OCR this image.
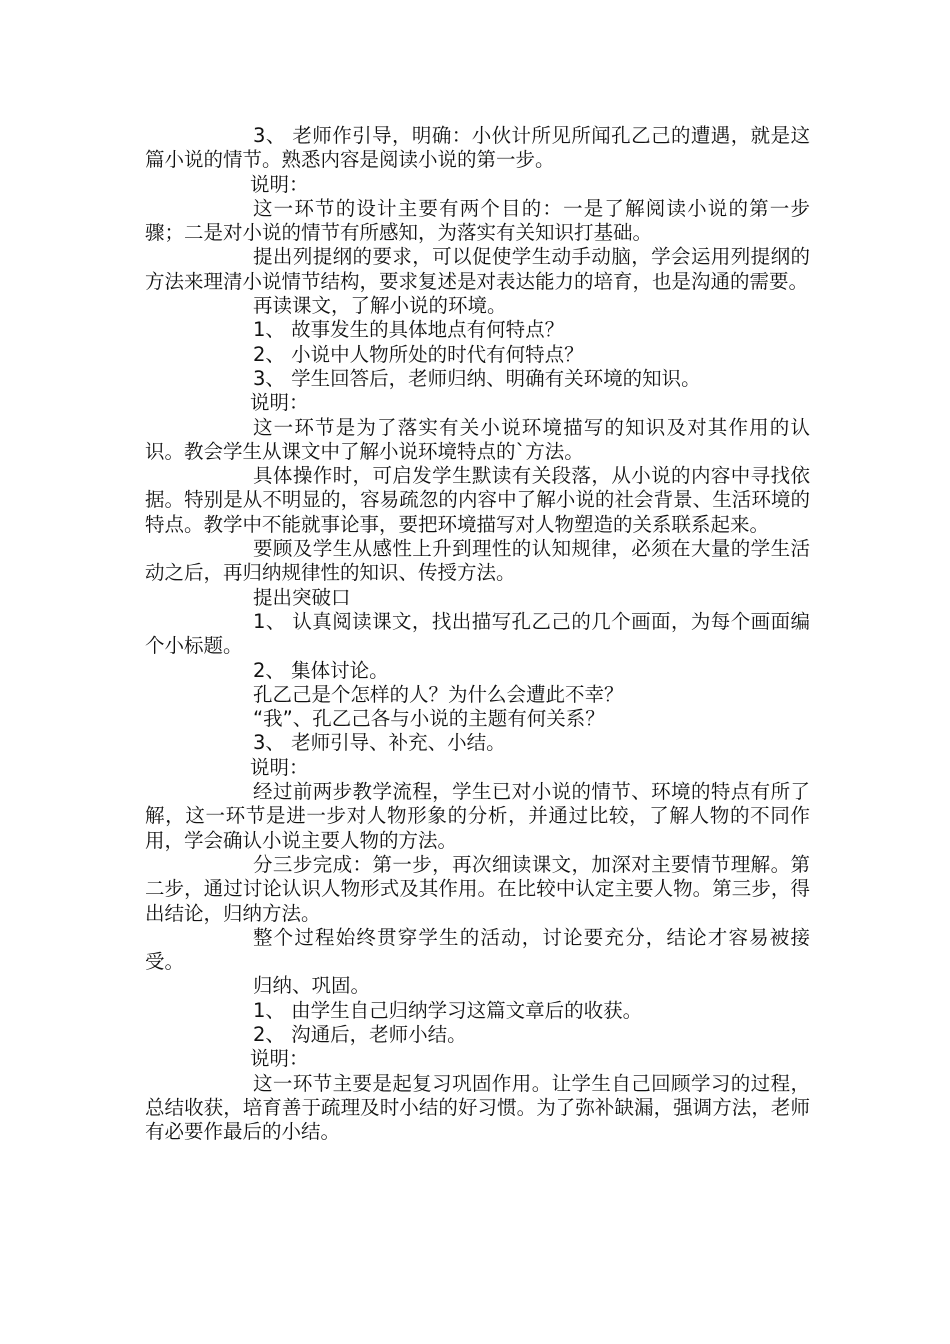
3、 老师作引导，明确：小伙计所见所闻孔乙己的遭遇，就是这篇小说的情节。熟悉内容是阅读小说的第一步。

说明：

这一环节的设计主要有两个目的：一是了解阅读小说的第一步骤；二是对小说的情节有所感知，为落实有关知识打基础。

提出列提纲的要求，可以促使学生动手动脑，学会运用列提纲的方法来理清小说情节结构，要求复述是对表达能力的培育，也是沟通的需要。

再读课文，了解小说的环境。

1、 故事发生的具体地点有何特点？

2、 小说中人物所处的时代有何特点？

3、 学生回答后，老师归纳、明确有关环境的知识。

说明：

这一环节是为了落实有关小说环境描写的知识及对其作用的认识。教会学生从课文中了解小说环境特点的`方法。

具体操作时，可启发学生默读有关段落，从小说的内容中寻找依据。特别是从不明显的，容易疏忽的内容中了解小说的社会背景、生活环境的特点。教学中不能就事论事，要把环境描写对人物塑造的关系联系起来。

要顾及学生从感性上升到理性的认知规律，必须在大量的学生活动之后，再归纳规律性的知识、传授方法。

提出突破口

1、 认真阅读课文，找出描写孔乙己的几个画面，为每个画面编个小标题。

2、 集体讨论。

孔乙己是个怎样的人？为什么会遭此不幸？

“我”、孔乙己各与小说的主题有何关系？

3、 老师引导、补充、小结。

说明：

经过前两步教学流程，学生已对小说的情节、环境的特点有所了解，这一环节是进一步对人物形象的分析，并通过比较，了解人物的不同作用，学会确认小说主要人物的方法。

分三步完成：第一步，再次细读课文，加深对主要情节理解。第二步，通过讨论认识人物形式及其作用。在比较中认定主要人物。第三步，得出结论，归纳方法。

整个过程始终贯穿学生的活动，讨论要充分，结论才容易被接受。

归纳、巩固。

1、 由学生自己归纳学习这篇文章后的收获。

2、 沟通后，老师小结。

说明：

这一环节主要是起复习巩固作用。让学生自己回顾学习的过程，总结收获，培育善于疏理及时小结的好习惯。为了弥补缺漏，强调方法，老师有必要作最后的小结。
